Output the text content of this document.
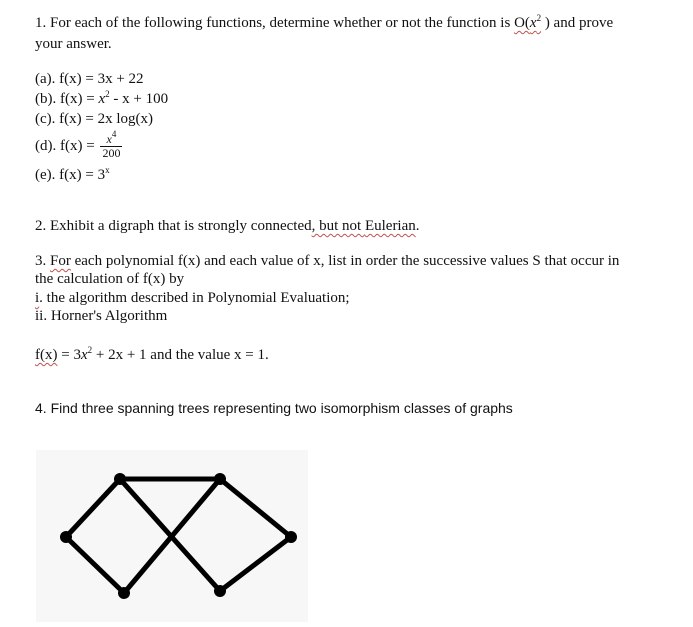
1. For each of the following functions, determine whether or not the function is $O(x^2$ ) and prove
your answer.
(a). f(x) = 3x + 22
(b). $f(x) = x^2 - x + 100$
(c). f(x) = 2x log(x)
(d). $f(x) = \frac{x^4}{200}$
(e). $f(x) = 3^x$
2. Exhibit a digraph that is strongly connected, but not Eulerian.
3. For each polynomial f(x) and each value of x, list in order the successive values S that occur in
the calculation of f(x) by
i. the algorithm described in Polynomial Evaluation;
ii. Horner's Algorithm
$f(x) = 3x^2 + 2x + 1$ and the value x = 1.
4. Find three spanning trees representing two isomorphism classes of graphs
